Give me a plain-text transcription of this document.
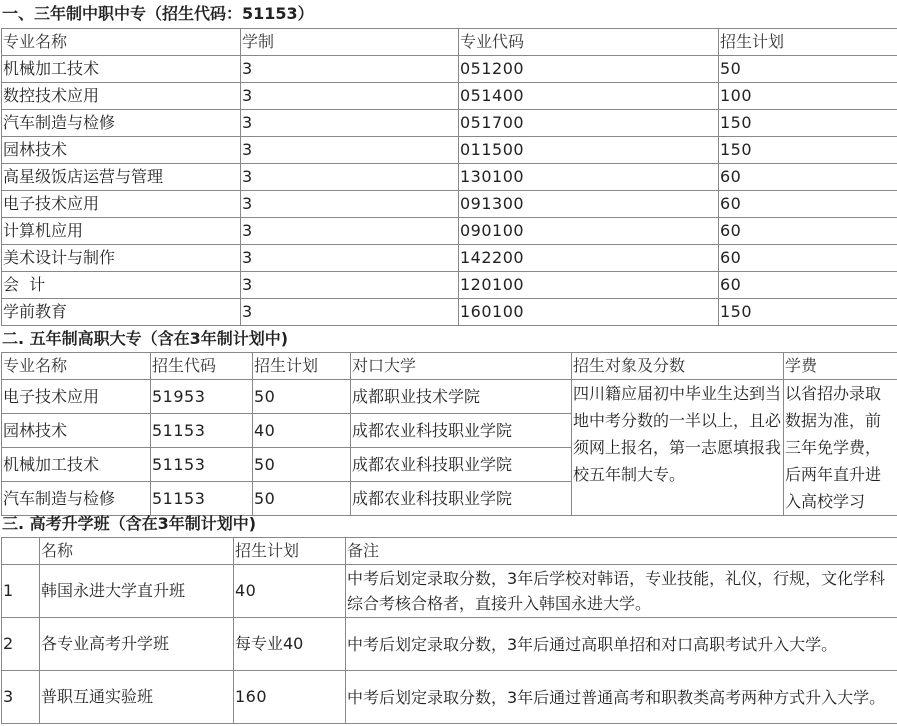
一、三年制中职中专（招生代码：51153）
专业名称	学制	专业代码	招生计划
机械加工技术	3	051200	50
数控技术应用	3	051400	100
汽车制造与检修	3	051700	150
园林技术	3	011500	150
高星级饭店运营与管理	3	130100	60
电子技术应用	3	091300	60
计算机应用	3	090100	60
美术设计与制作	3	142200	60
会  计	3	120100	60
学前教育	3	160100	150
二. 五年制高职大专（含在3年制计划中)
专业名称	招生代码	招生计划	对口大学	招生对象及分数	学费
电子技术应用	51953	50	成都职业技术学院	四川籍应届初中毕业生达到当地中考分数的一半以上，且必须网上报名，第一志愿填报我校五年制大专。	以省招办录取数据为准，前三年免学费，后两年直升进入高校学习
园林技术	51153	40	成都农业科技职业学院		
机械加工技术	51153	50	成都农业科技职业学院		
汽车制造与检修	51153	50	成都农业科技职业学院		
三. 高考升学班（含在3年制计划中)
	名称	招生计划	备注
1	韩国永进大学直升班	40	中考后划定录取分数，3年后学校对韩语，专业技能，礼仪，行规，文化学科综合考核合格者，直接升入韩国永进大学。
2	各专业高考升学班	每专业40	中考后划定录取分数，3年后通过高职单招和对口高职考试升入大学。
3	普职互通实验班	160	中考后划定录取分数，3年后通过普通高考和职教类高考两种方式升入大学。
